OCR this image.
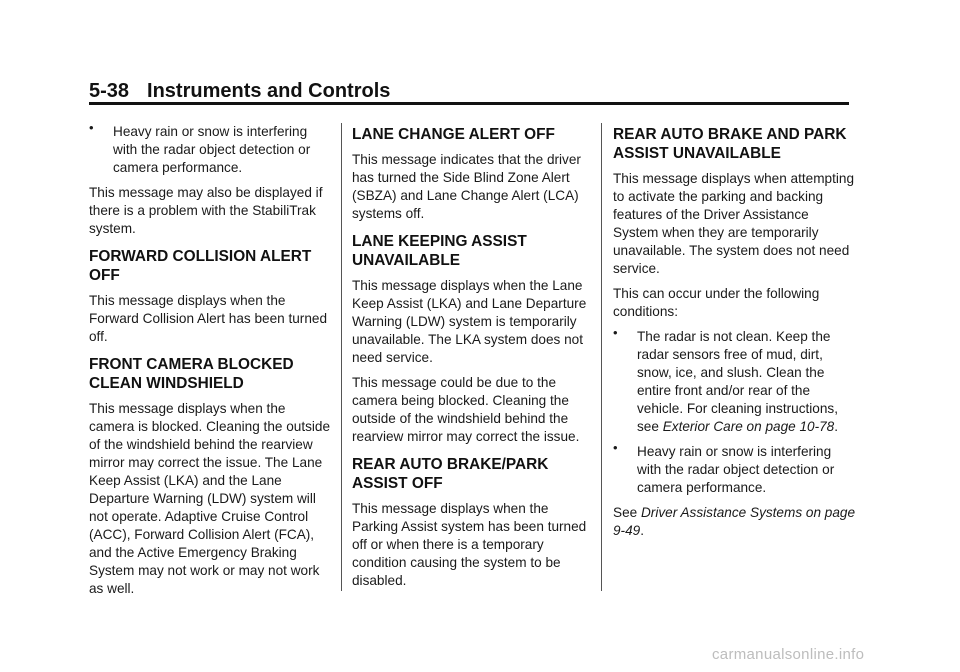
5-38 Instruments and Controls
• Heavy rain or snow is interfering with the radar object detection or camera performance.

This message may also be displayed if there is a problem with the StabiliTrak system.

FORWARD COLLISION ALERT OFF

This message displays when the Forward Collision Alert has been turned off.

FRONT CAMERA BLOCKED CLEAN WINDSHIELD

This message displays when the camera is blocked. Cleaning the outside of the windshield behind the rearview mirror may correct the issue. The Lane Keep Assist (LKA) and the Lane Departure Warning (LDW) system will not operate. Adaptive Cruise Control (ACC), Forward Collision Alert (FCA), and the Active Emergency Braking System may not work or may not work as well.

LANE CHANGE ALERT OFF

This message indicates that the driver has turned the Side Blind Zone Alert (SBZA) and Lane Change Alert (LCA) systems off.

LANE KEEPING ASSIST UNAVAILABLE

This message displays when the Lane Keep Assist (LKA) and Lane Departure Warning (LDW) system is temporarily unavailable. The LKA system does not need service.

This message could be due to the camera being blocked. Cleaning the outside of the windshield behind the rearview mirror may correct the issue.

REAR AUTO BRAKE/PARK ASSIST OFF

This message displays when the Parking Assist system has been turned off or when there is a temporary condition causing the system to be disabled.

REAR AUTO BRAKE AND PARK ASSIST UNAVAILABLE

This message displays when attempting to activate the parking and backing features of the Driver Assistance System when they are temporarily unavailable. The system does not need service.

This can occur under the following conditions:

• The radar is not clean. Keep the radar sensors free of mud, dirt, snow, ice, and slush. Clean the entire front and/or rear of the vehicle. For cleaning instructions, see Exterior Care on page 10-78.
• Heavy rain or snow is interfering with the radar object detection or camera performance.

See Driver Assistance Systems on page 9-49.

carmanualsonline.info
